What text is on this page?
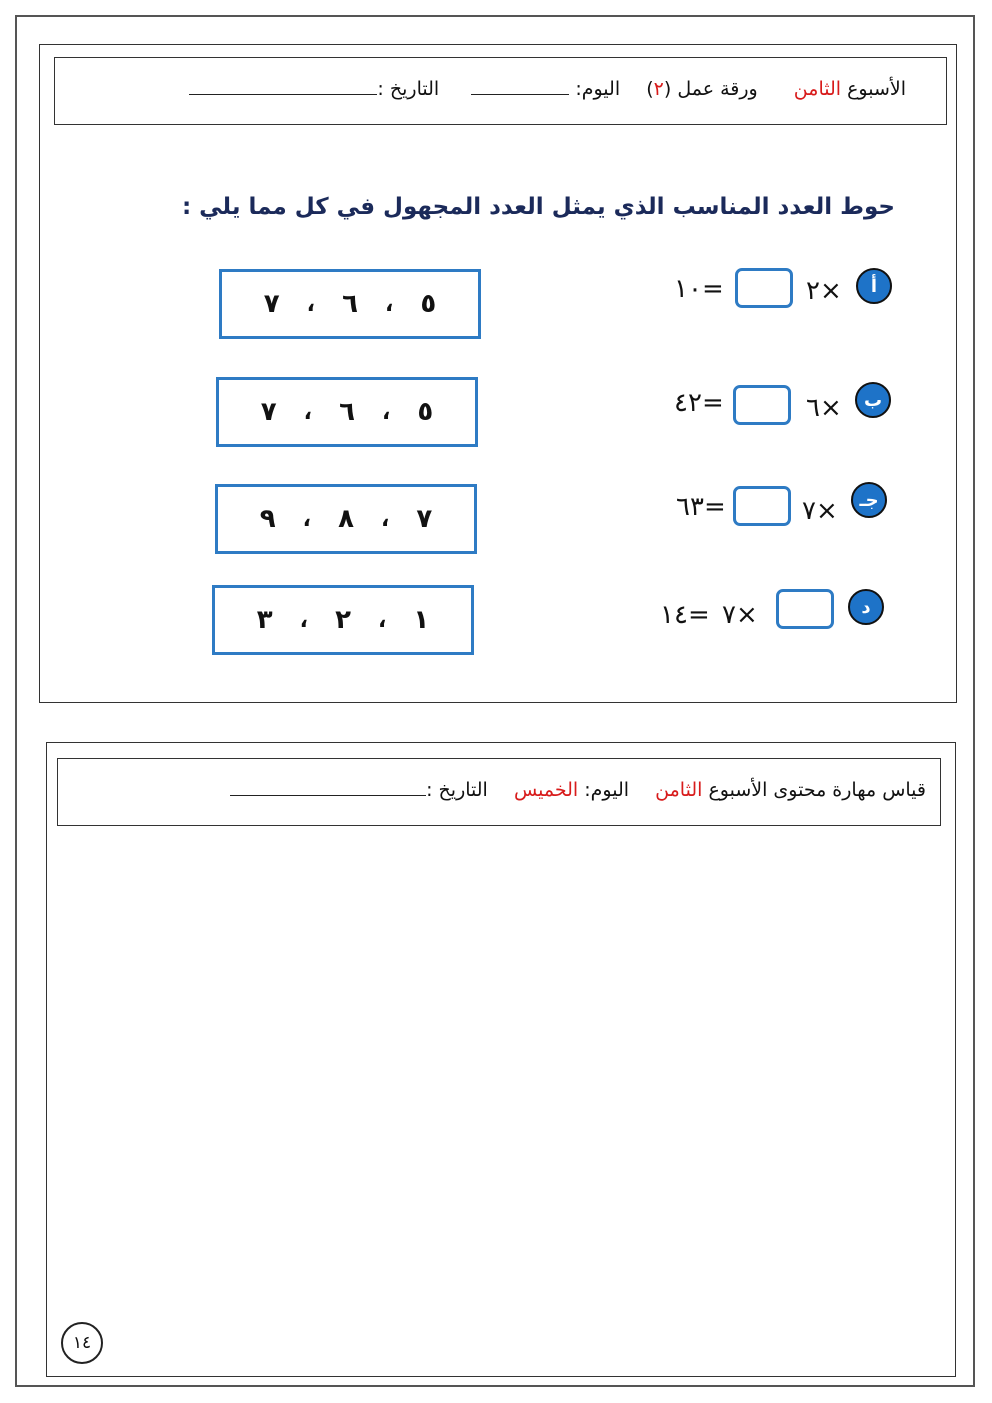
الأسبوع الثامن  ورقة عمل (٢)  اليوم:   التاريخ :
حوط العدد المناسب الذي يمثل العدد المجهول في كل مما يلي :
٥
،
٦
،
٧
أ
×٢
=١٠
٥
،
٦
،
٧	ب
×٦
=٤٢
٧
،
٨
،
٩
جـ
×٧
=٦٣
١
،
٢
،
٣	د
×٧
=١٤
قياس مهارة محتوى الأسبوع الثامن  اليوم: الخميس  التاريخ :
١٤
